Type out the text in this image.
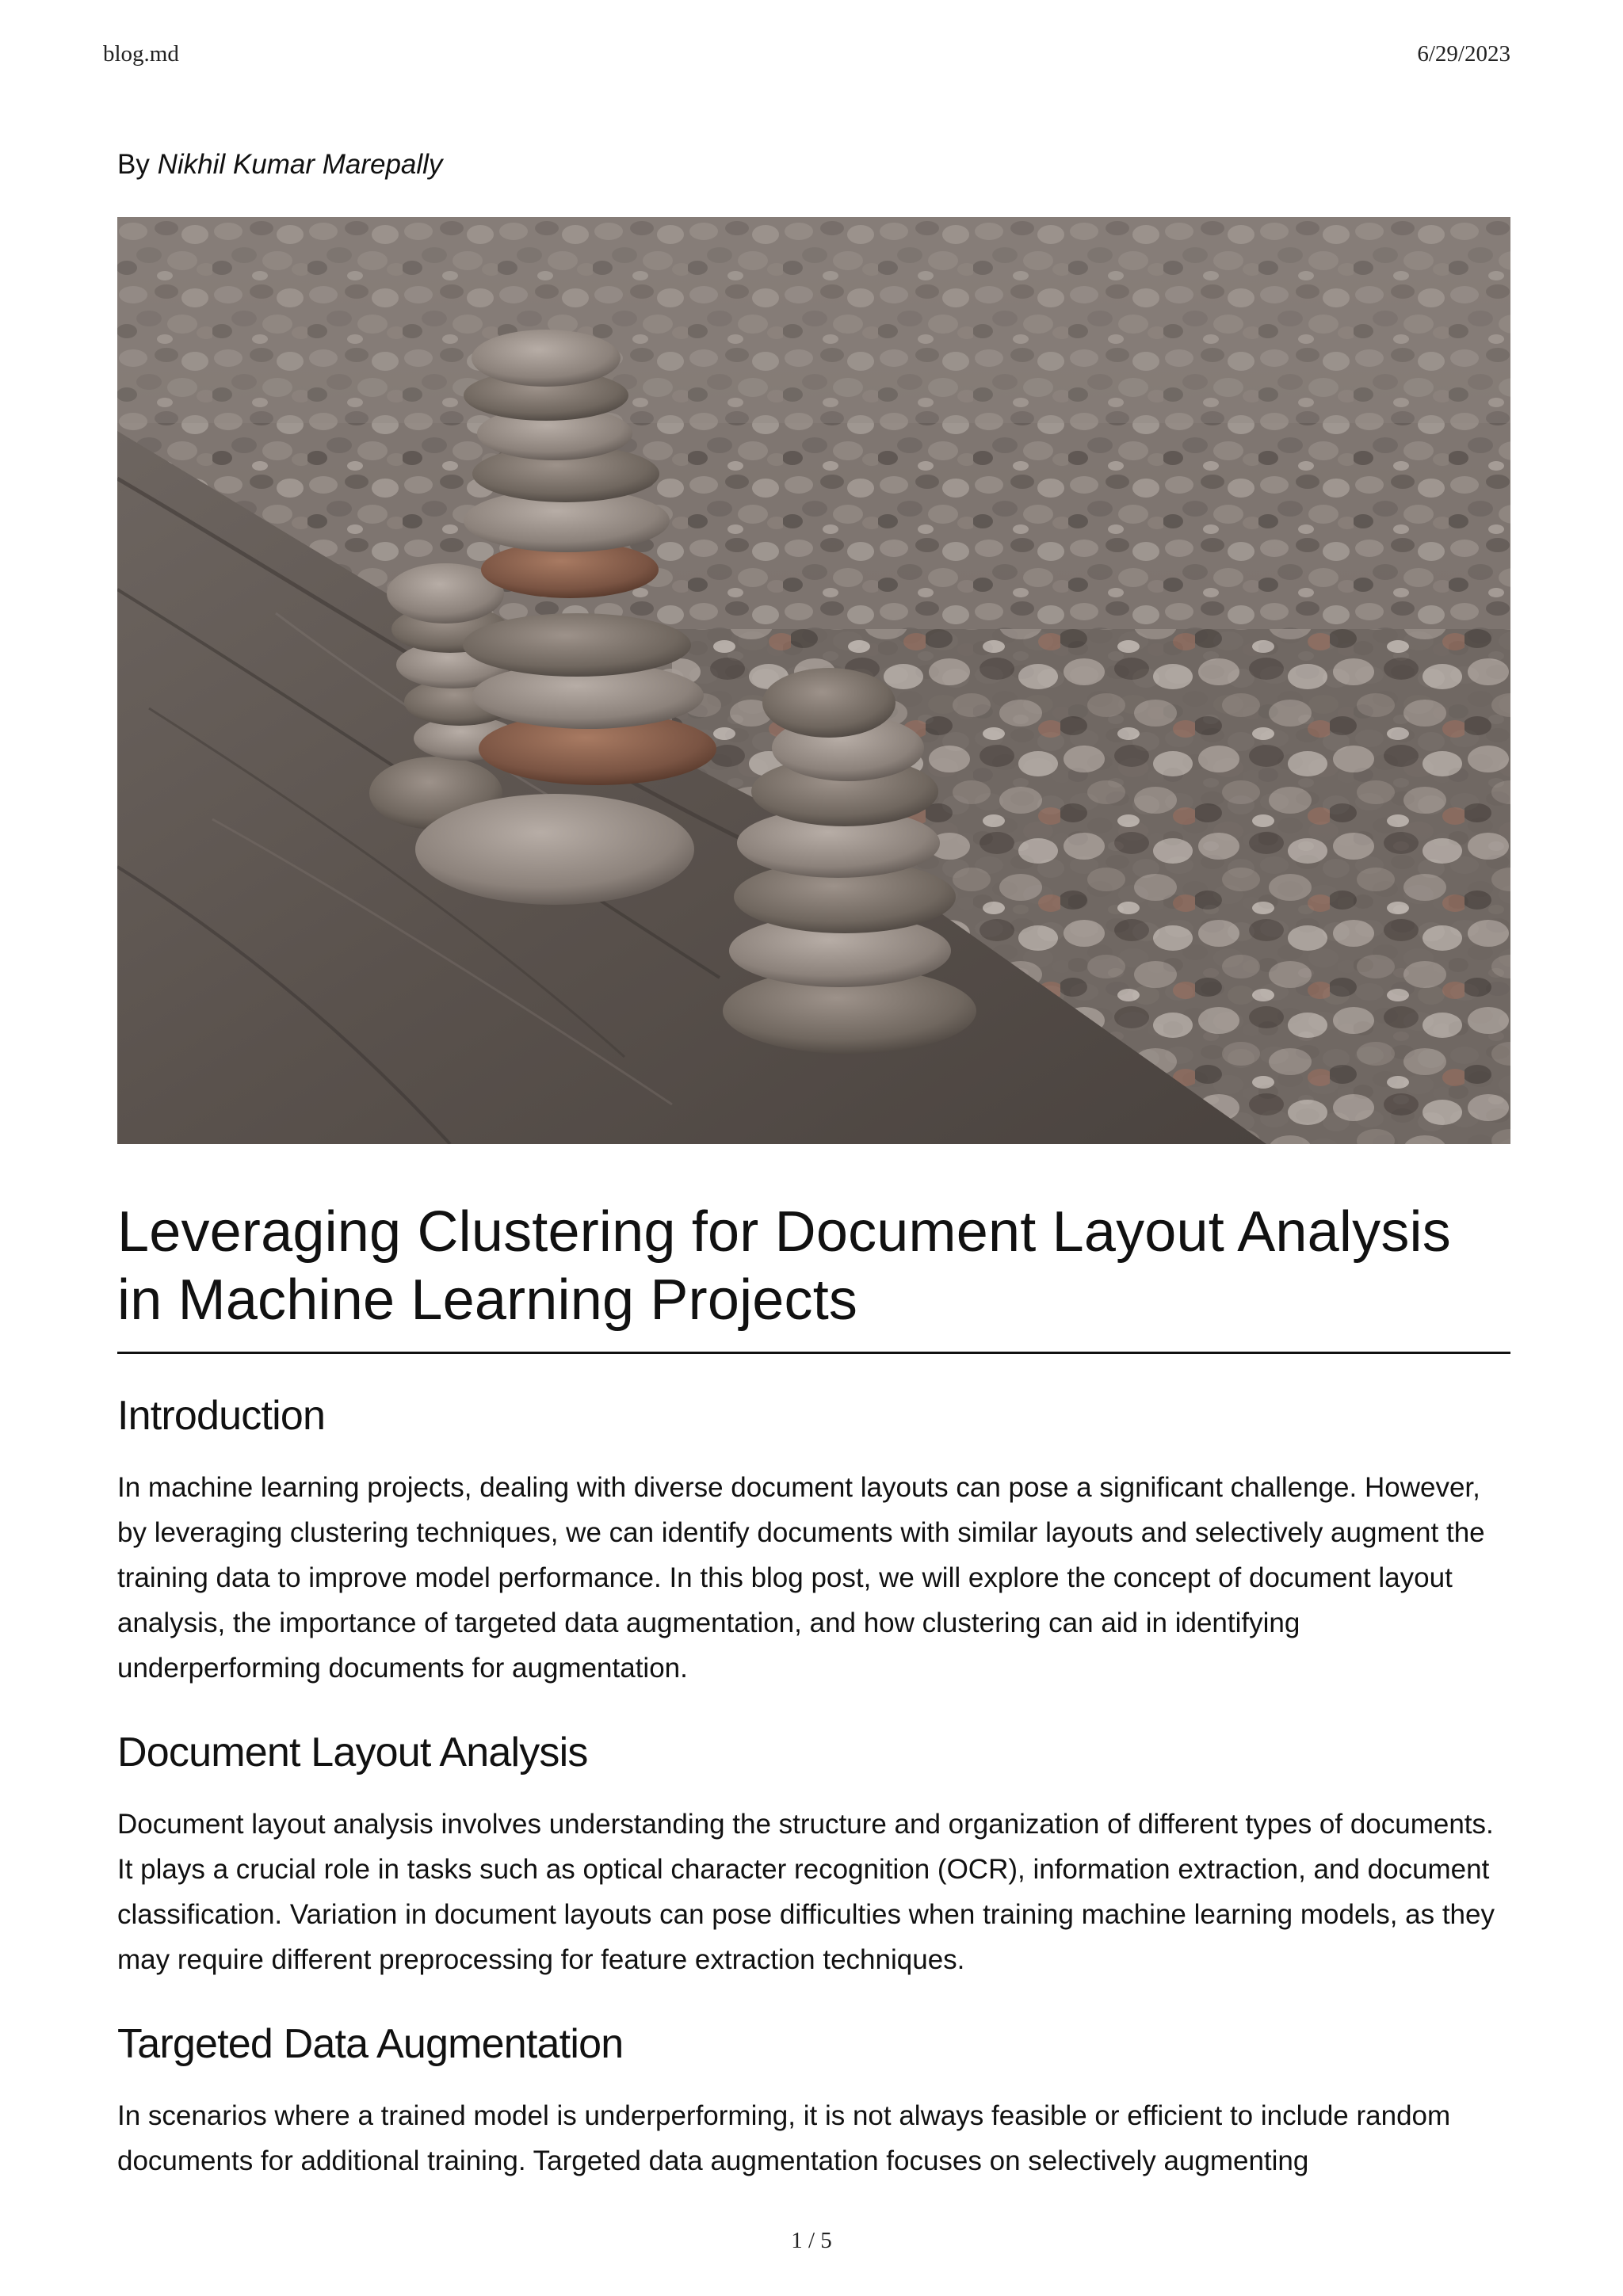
blog.md	6/29/2023

By Nikhil Kumar Marepally

Leveraging Clustering for Document Layout Analysis in Machine Learning Projects
Introduction

In machine learning projects, dealing with diverse document layouts can pose a significant challenge. However, by leveraging clustering techniques, we can identify documents with similar layouts and selectively augment the training data to improve model performance. In this blog post, we will explore the concept of document layout analysis, the importance of targeted data augmentation, and how clustering can aid in identifying underperforming documents for augmentation.

Document Layout Analysis

Document layout analysis involves understanding the structure and organization of different types of documents. It plays a crucial role in tasks such as optical character recognition (OCR), information extraction, and document classification. Variation in document layouts can pose difficulties when training machine learning models, as they may require different preprocessing for feature extraction techniques.

Targeted Data Augmentation

In scenarios where a trained model is underperforming, it is not always feasible or efficient to include random documents for additional training. Targeted data augmentation focuses on selectively augmenting

1 / 5
